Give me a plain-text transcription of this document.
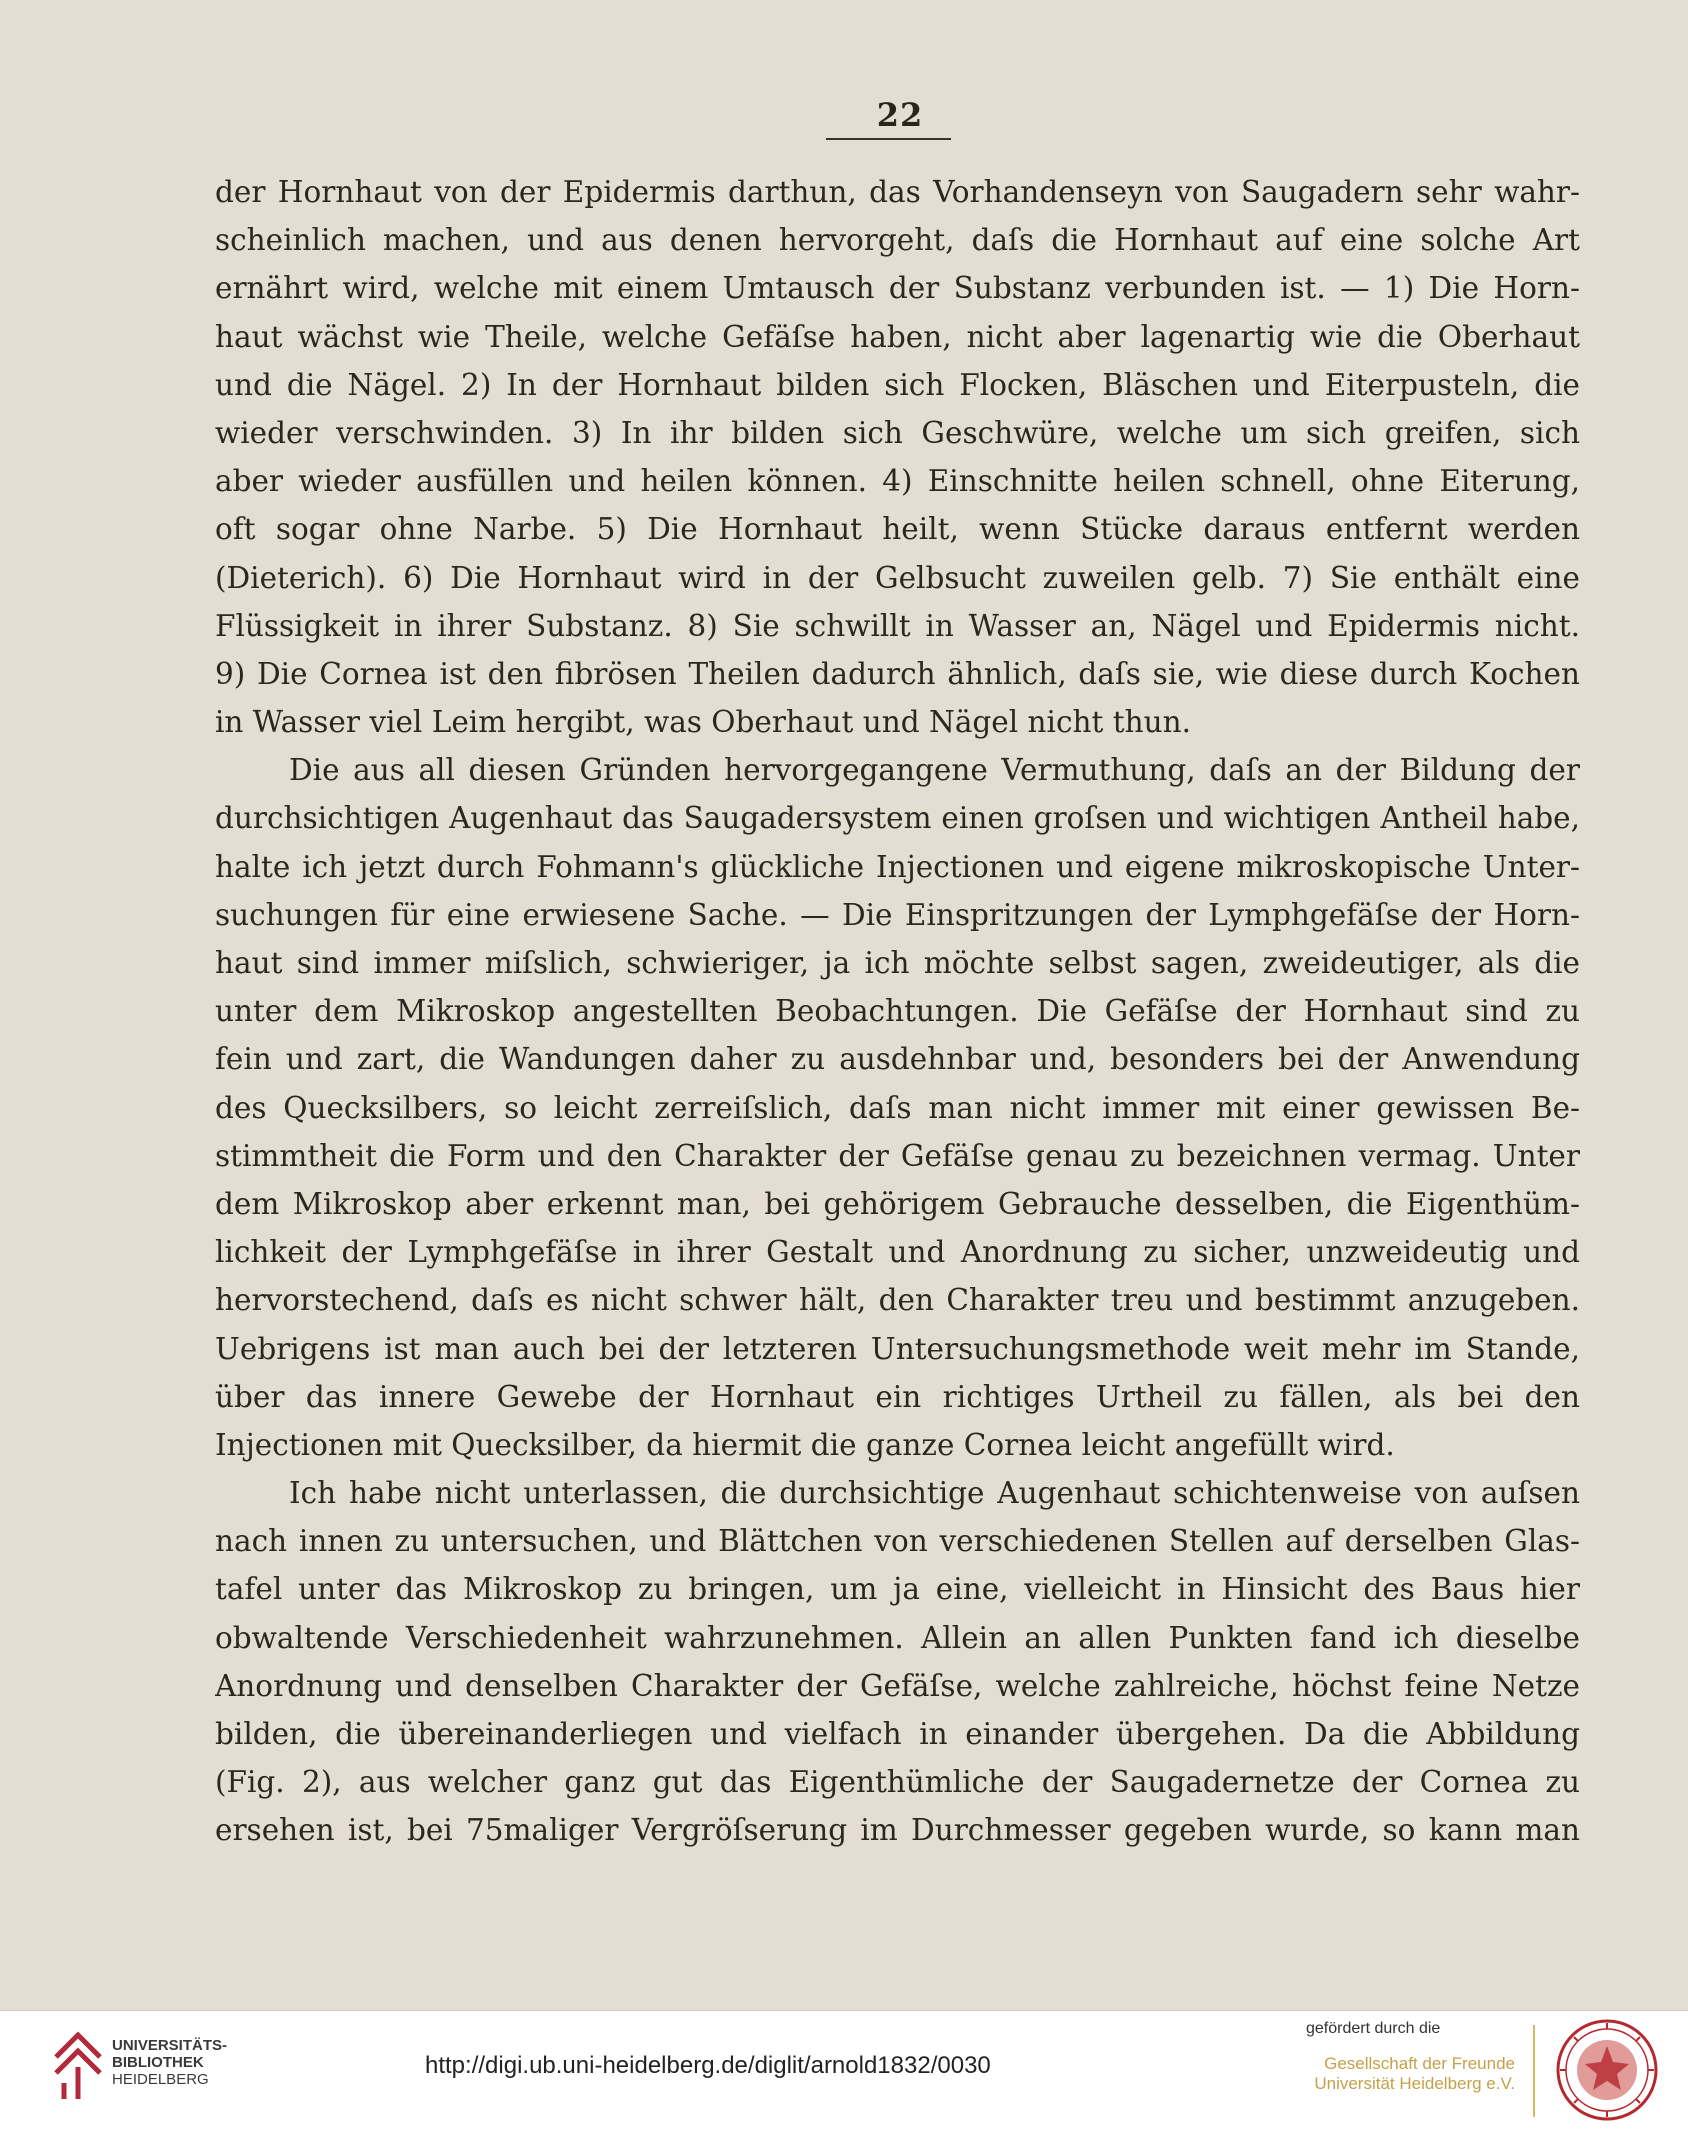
22
der Hornhaut von der Epidermis darthun, das Vorhandenseyn von Saugadern sehr wahr-
scheinlich machen, und aus denen hervorgeht, daſs die Hornhaut auf eine solche Art
ernährt wird, welche mit einem Umtausch der Substanz verbunden ist. — 1) Die Horn-
haut wächst wie Theile, welche Gefäſse haben, nicht aber lagenartig wie die Oberhaut
und die Nägel. 2) In der Hornhaut bilden sich Flocken, Bläschen und Eiterpusteln, die
wieder verschwinden. 3) In ihr bilden sich Geschwüre, welche um sich greifen, sich
aber wieder ausfüllen und heilen können. 4) Einschnitte heilen schnell, ohne Eiterung,
oft sogar ohne Narbe. 5) Die Hornhaut heilt, wenn Stücke daraus entfernt werden
(Dieterich). 6) Die Hornhaut wird in der Gelbsucht zuweilen gelb. 7) Sie enthält eine
Flüssigkeit in ihrer Substanz. 8) Sie schwillt in Wasser an, Nägel und Epidermis nicht.
9) Die Cornea ist den fibrösen Theilen dadurch ähnlich, daſs sie, wie diese durch Kochen
in Wasser viel Leim hergibt, was Oberhaut und Nägel nicht thun.
Die aus all diesen Gründen hervorgegangene Vermuthung, daſs an der Bildung der
durchsichtigen Augenhaut das Saugadersystem einen groſsen und wichtigen Antheil habe,
halte ich jetzt durch Fohmann's glückliche Injectionen und eigene mikroskopische Unter-
suchungen für eine erwiesene Sache. — Die Einspritzungen der Lymphgefäſse der Horn-
haut sind immer miſslich, schwieriger, ja ich möchte selbst sagen, zweideutiger, als die
unter dem Mikroskop angestellten Beobachtungen. Die Gefäſse der Hornhaut sind zu
fein und zart, die Wandungen daher zu ausdehnbar und, besonders bei der Anwendung
des Quecksilbers, so leicht zerreiſslich, daſs man nicht immer mit einer gewissen Be-
stimmtheit die Form und den Charakter der Gefäſse genau zu bezeichnen vermag. Unter
dem Mikroskop aber erkennt man, bei gehörigem Gebrauche desselben, die Eigenthüm-
lichkeit der Lymphgefäſse in ihrer Gestalt und Anordnung zu sicher, unzweideutig und
hervorstechend, daſs es nicht schwer hält, den Charakter treu und bestimmt anzugeben.
Uebrigens ist man auch bei der letzteren Untersuchungsmethode weit mehr im Stande,
über das innere Gewebe der Hornhaut ein richtiges Urtheil zu fällen, als bei den
Injectionen mit Quecksilber, da hiermit die ganze Cornea leicht angefüllt wird.
Ich habe nicht unterlassen, die durchsichtige Augenhaut schichtenweise von auſsen
nach innen zu untersuchen, und Blättchen von verschiedenen Stellen auf derselben Glas-
tafel unter das Mikroskop zu bringen, um ja eine, vielleicht in Hinsicht des Baus hier
obwaltende Verschiedenheit wahrzunehmen. Allein an allen Punkten fand ich dieselbe
Anordnung und denselben Charakter der Gefäſse, welche zahlreiche, höchst feine Netze
bilden, die übereinanderliegen und vielfach in einander übergehen. Da die Abbildung
(Fig. 2), aus welcher ganz gut das Eigenthümliche der Saugadernetze der Cornea zu
ersehen ist, bei 75maliger Vergröſserung im Durchmesser gegeben wurde, so kann man
UNIVERSITÄTS-
BIBLIOTHEK
HEIDELBERG
http://digi.ub.uni-heidelberg.de/diglit/arnold1832/0030
gefördert durch die
Gesellschaft der Freunde
Universität Heidelberg e.V.
